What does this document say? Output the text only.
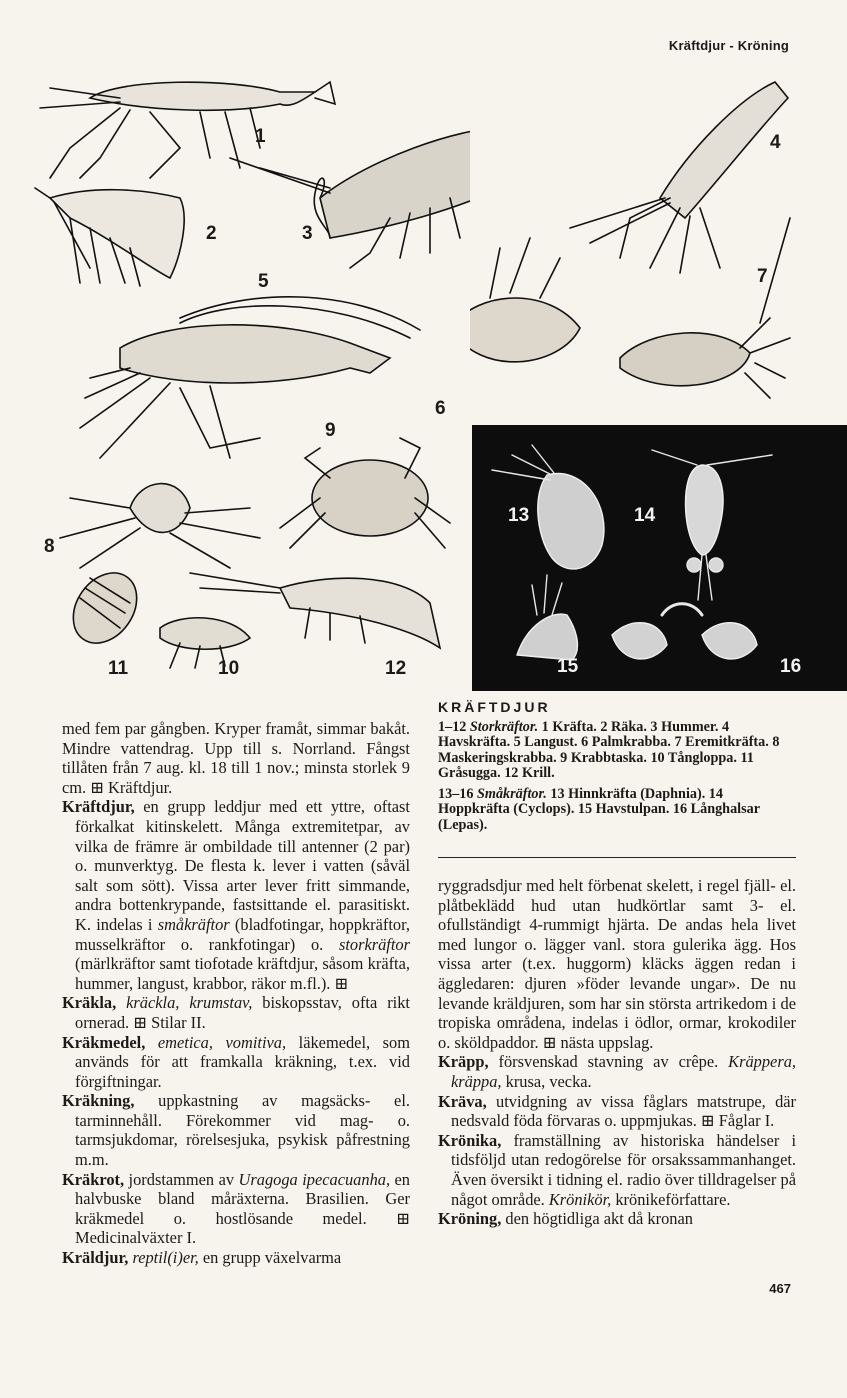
Kräftdjur - Kröning
1
2	3
5
6
9
8
11	10	12
4
7
13	14
15	16
KRÄFTDJUR

1–12 Storkräftor. 1 Kräfta. 2 Räka. 3 Hummer. 4 Havskräfta. 5 Langust. 6 Palmkrabba. 7 Eremitkräfta. 8 Maskeringskrabba. 9 Krabbtaska. 10 Tångloppa. 11 Gråsugga. 12 Krill.

13–16 Småkräftor. 13 Hinnkräfta (Daphnia). 14 Hoppkräfta (Cyclops). 15 Havstulpan. 16 Långhalsar (Lepas).

med fem par gångben. Kryper framåt, simmar bakåt. Mindre vattendrag. Upp till s. Norrland. Fångst tillåten från 7 aug. kl. 18 till 1 nov.; minsta storlek 9 cm. ⊞ Kräftdjur.

Kräftdjur, en grupp leddjur med ett yttre, oftast förkalkat kitinskelett. Många extremitetpar, av vilka de främre är ombildade till antenner (2 par) o. munverktyg. De flesta k. lever i vatten (såväl salt som sött). Vissa arter lever fritt simmande, andra bottenkrypande, fastsittande el. parasitiskt. K. indelas i småkräftor (bladfotingar, hoppkräftor, musselkräftor o. rankfotingar) o. storkräftor (märlkräftor samt tiofotade kräftdjur, såsom kräfta, hummer, langust, krabbor, räkor m.fl.). ⊞

Kräkla, kräckla, krumstav, biskopsstav, ofta rikt ornerad. ⊞ Stilar II.

Kräkmedel, emetica, vomitiva, läkemedel, som används för att framkalla kräkning, t.ex. vid förgiftningar.

Kräkning, uppkastning av magsäcks- el. tarminnehåll. Förekommer vid mag- o. tarmsjukdomar, rörelsesjuka, psykisk påfrestning m.m.

Kräkrot, jordstammen av Uragoga ipecacuanha, en halvbuske bland måräxterna. Brasilien. Ger kräkmedel o. hostlösande medel. ⊞ Medicinalväxter I.

Kräldjur, reptil(i)er, en grupp växelvarma

ryggradsdjur med helt förbenat skelett, i regel fjäll- el. plåtbeklädd hud utan hudkörtlar samt 3- el. ofullständigt 4-rummigt hjärta. De andas hela livet med lungor o. lägger vanl. stora gulerika ägg. Hos vissa arter (t.ex. huggorm) kläcks äggen redan i äggledaren: djuren »föder levande ungar». De nu levande kräldjuren, som har sin största artrikedom i de tropiska områdena, indelas i ödlor, ormar, krokodiler o. sköldpaddor. ⊞ nästa uppslag.

Kräpp, försvenskad stavning av crêpe. Kräppera, kräppa, krusa, vecka.

Kräva, utvidgning av vissa fåglars matstrupe, där nedsvald föda förvaras o. uppmjukas. ⊞ Fåglar I.

Krönika, framställning av historiska händelser i tidsföljd utan redogörelse för orsakssammanhanget. Även översikt i tidning el. radio över tilldragelser på något område. Krönikör, krönikeförfattare.

Kröning, den högtidliga akt då kronan

467
